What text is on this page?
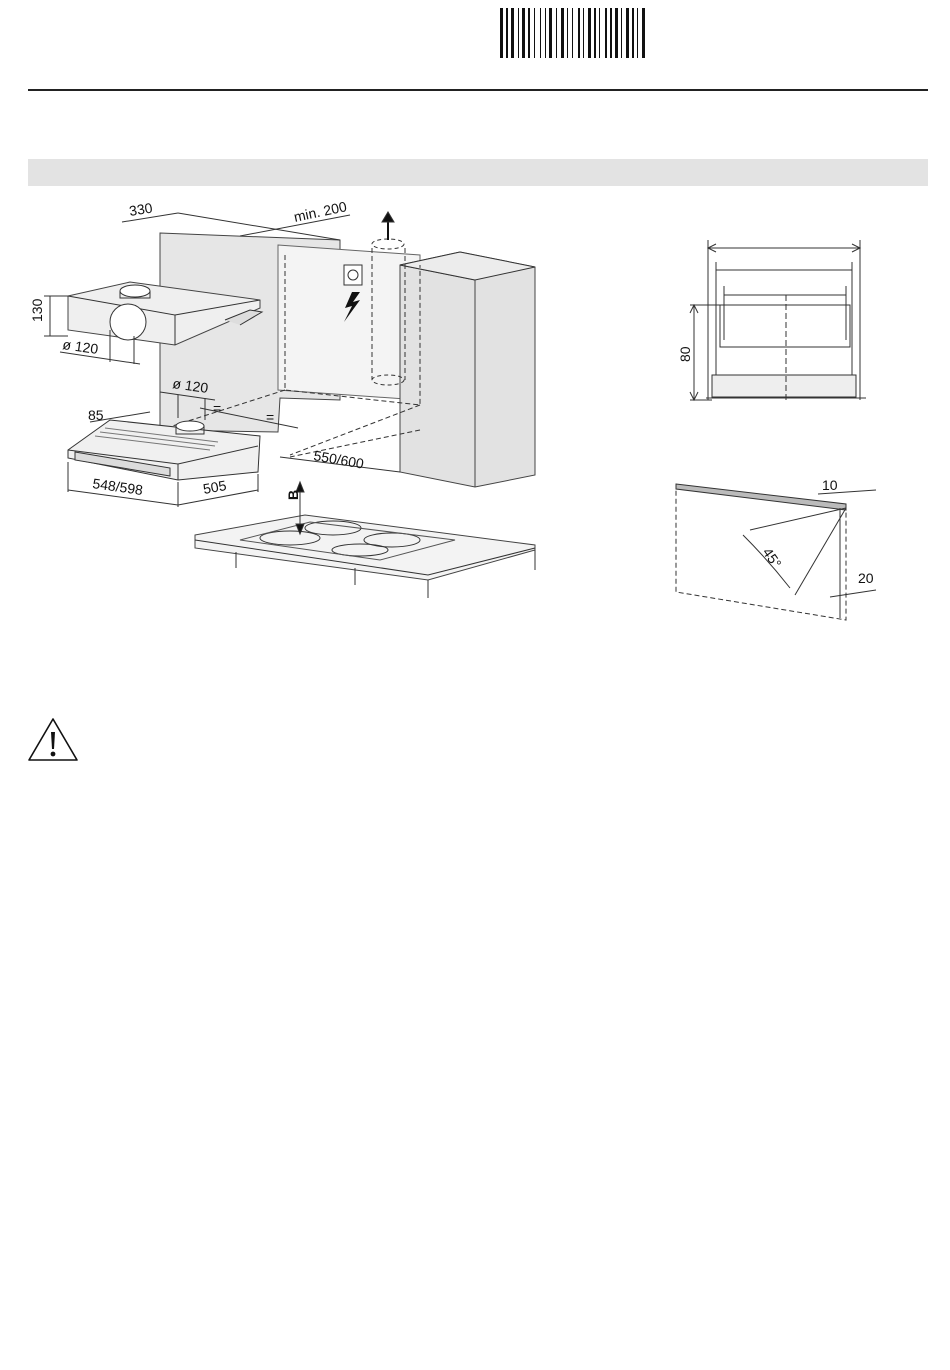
330	min. 200
130
ø 120
ø 120
85	=
=
550/600
548/598	505	B
80
10
45°
20
